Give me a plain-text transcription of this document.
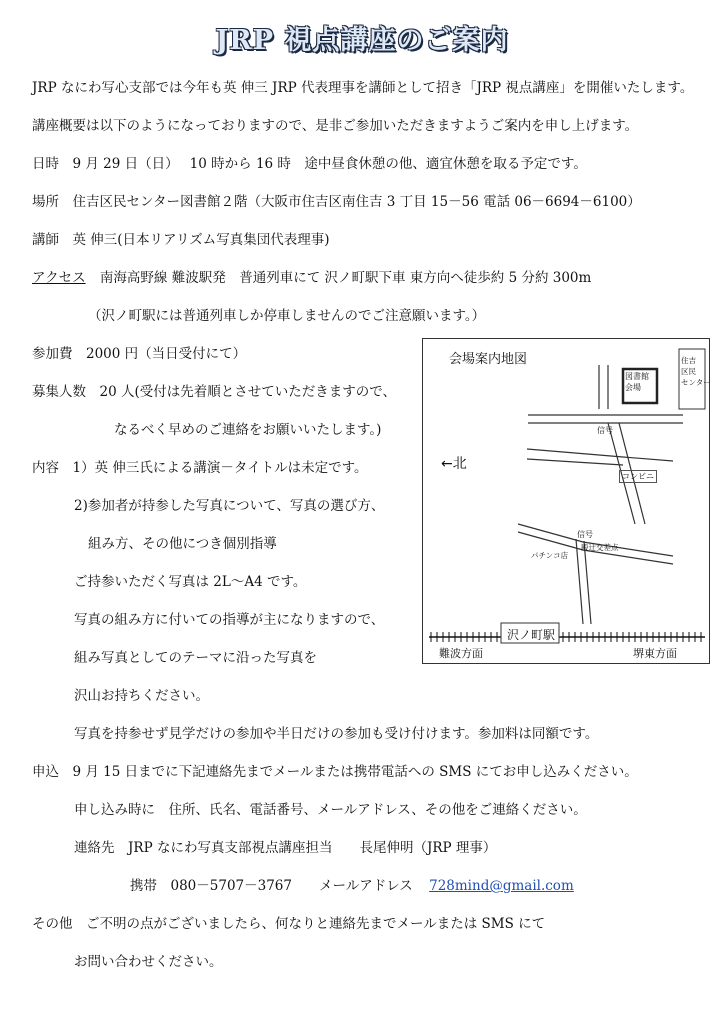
JRP 視点講座のご案内
JRP なにわ写心支部では今年も英 伸三 JRP 代表理事を講師として招き「JRP 視点講座」を開催いたします。
講座概要は以下のようになっておりますので、是非ご参加いただきますようご案内を申し上げます。
日時　9 月 29 日（日）　 10 時から 16 時　途中昼食休憩の他、適宜休憩を取る予定です。
場所　住吉区民センター図書館２階（大阪市住吉区南住吉 3 丁目 15－56 電話 06－6694－6100）
講師　英 伸三(日本リアリズム写真集団代表理事)
アクセス 南海高野線 難波駅発　普通列車にて 沢ノ町駅下車 東方向へ徒歩約 5 分約 300m
（沢ノ町駅には普通列車しか停車しませんのでご注意願います。）
参加費　2000 円（当日受付にて）
募集人数　20 人(受付は先着順とさせていただきますので、
なるべく早めのご連絡をお願いいたします。)
内容　1）英 伸三氏による講演－タイトルは未定です。
2)参加者が持参した写真について、写真の選び方、
組み方、その他につき個別指導
ご持参いただく写真は 2L～A4 です。
写真の組み方に付いての指導が主になりますので、
組み写真としてのテーマに沿った写真を
沢山お持ちください。
写真を持参せず見学だけの参加や半日だけの参加も受け付けます。参加料は同額です。
申込　9 月 15 日までに下記連絡先までメールまたは携帯電話への SMS にてお申し込みください。
申し込み時に　住所、氏名、電話番号、メールアドレス、その他をご連絡ください。
連絡先　JRP なにわ写真支部視点講座担当　　長尾伸明（JRP 理事）
携帯　080－5707－3767　　メールアドレス 728mind@gmail.com
その他　ご不明の点がございましたら、何なりと連絡先までメールまたは SMS にて
お問い合わせください。
会場案内地図
図書館
会場
住吉
区民
センター
信号
←北
コンビニ
信号
殿辻交差点
パチンコ店
沢ノ町駅
難波方面	堺東方面
